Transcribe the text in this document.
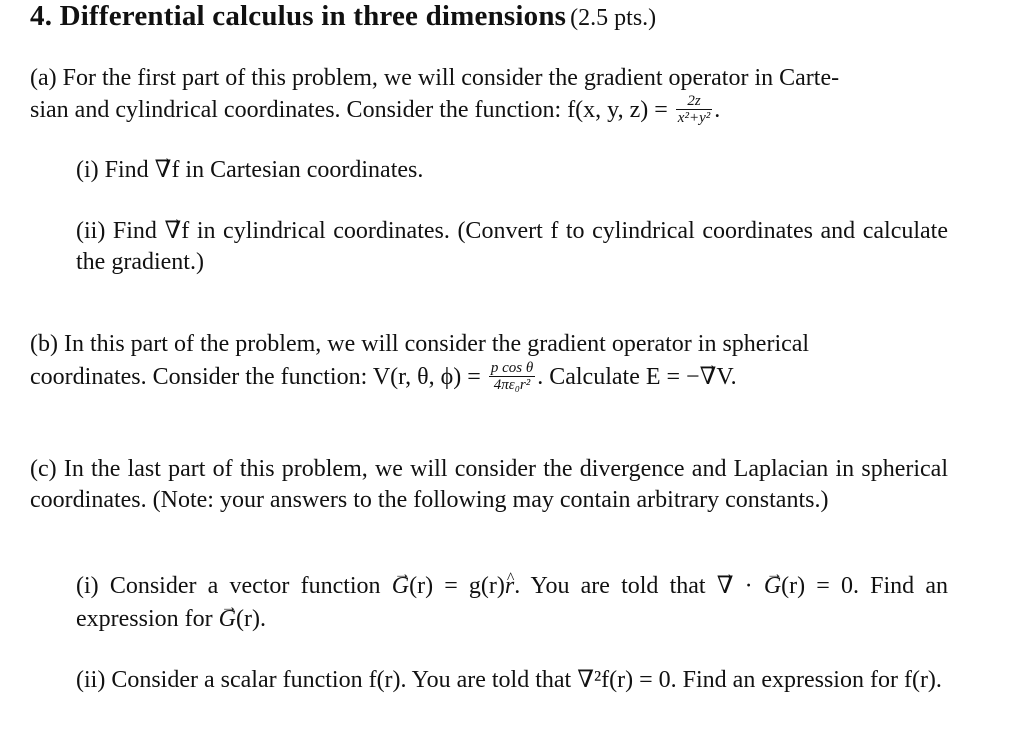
4. Differential calculus in three dimensions (2.5 pts.)
(a) For the first part of this problem, we will consider the gradient operator in Carte-
sian and cylindrical coordinates. Consider the function: f(x, y, $z) = \frac{2z}{\text{x²+y²}}$ .
(i) Find → ∇f in Cartesian coordinates.
(ii) Find → ∇f in cylindrical coordinates. (Convert f to cylindrical coordinates and calculate the gradient.)
(b) In this part of the problem, we will consider the gradient operator in spherical
coordinates. Consider the function: V(r, θ, $\phi) = \frac{\text{p cos θ}}{\text{4πε₀r²}}$ . Calculate E = −→ ∇V.
(c) In the last part of this problem, we will consider the divergence and Laplacian in spherical coordinates. (Note: your answers to the following may contain arbitrary constants.)
(i) Consider a vector function → G(r) = g(r)^ r. You are told that → ∇ · → G(r) = 0. Find an expression for → G(r).
(ii) Consider a scalar function f(r). You are told that ∇²f(r) = 0. Find an expression for f(r).
